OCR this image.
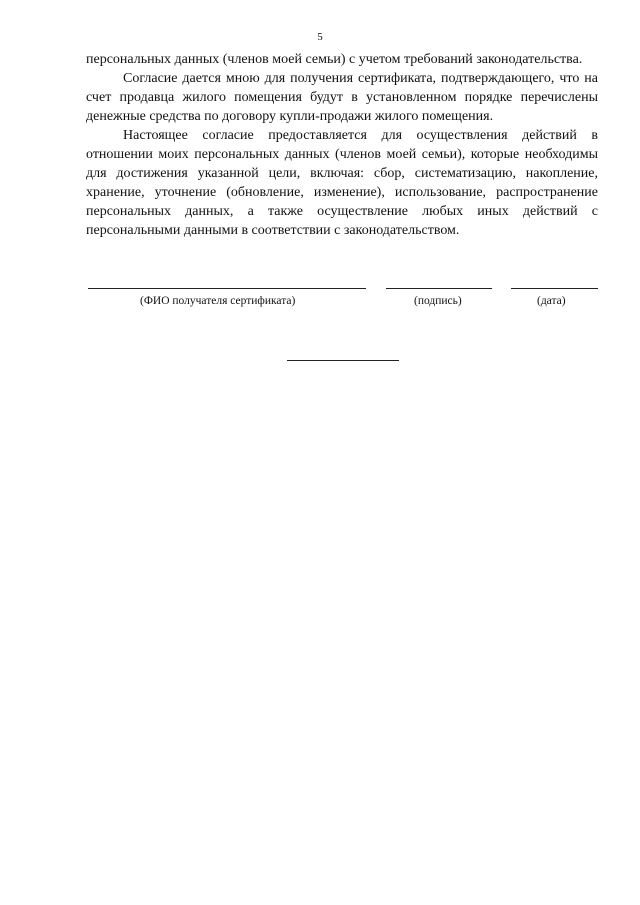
5

персональных данных (членов моей семьи) с учетом требований законодательства.

Согласие дается мною для получения сертификата, подтверждающего, что на счет продавца жилого помещения будут в установленном порядке перечислены денежные средства по договору купли-продажи жилого помещения.

Настоящее согласие предоставляется для осуществления действий в отношении моих персональных данных (членов моей семьи), которые необходимы для достижения указанной цели, включая: сбор, систематизацию, накопление, хранение, уточнение (обновление, изменение), использование, распространение персональных данных, а также осуществление любых иных действий с персональными данными в соответствии с законодательством.

(ФИО получателя сертификата)	(подпись)	(дата)
